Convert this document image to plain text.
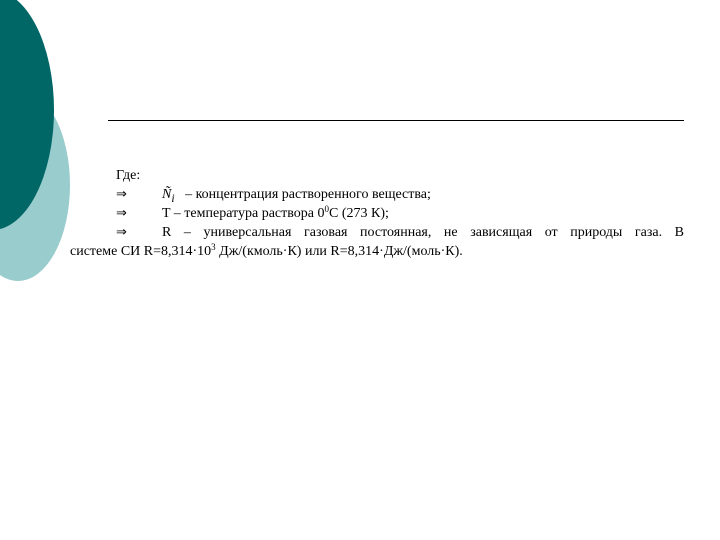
Где:
⇒	$Ñ_i$ – концентрация растворенного вещества;
⇒	T – температура раствора $0^0C$ (273 К);
⇒	R – универсальная газовая постоянная, не зависящая от природы газа. В
системе СИ $R=8,314\cdot 10^3$ Дж/(кмоль·К) или R=8,314·Дж/(моль·К).
